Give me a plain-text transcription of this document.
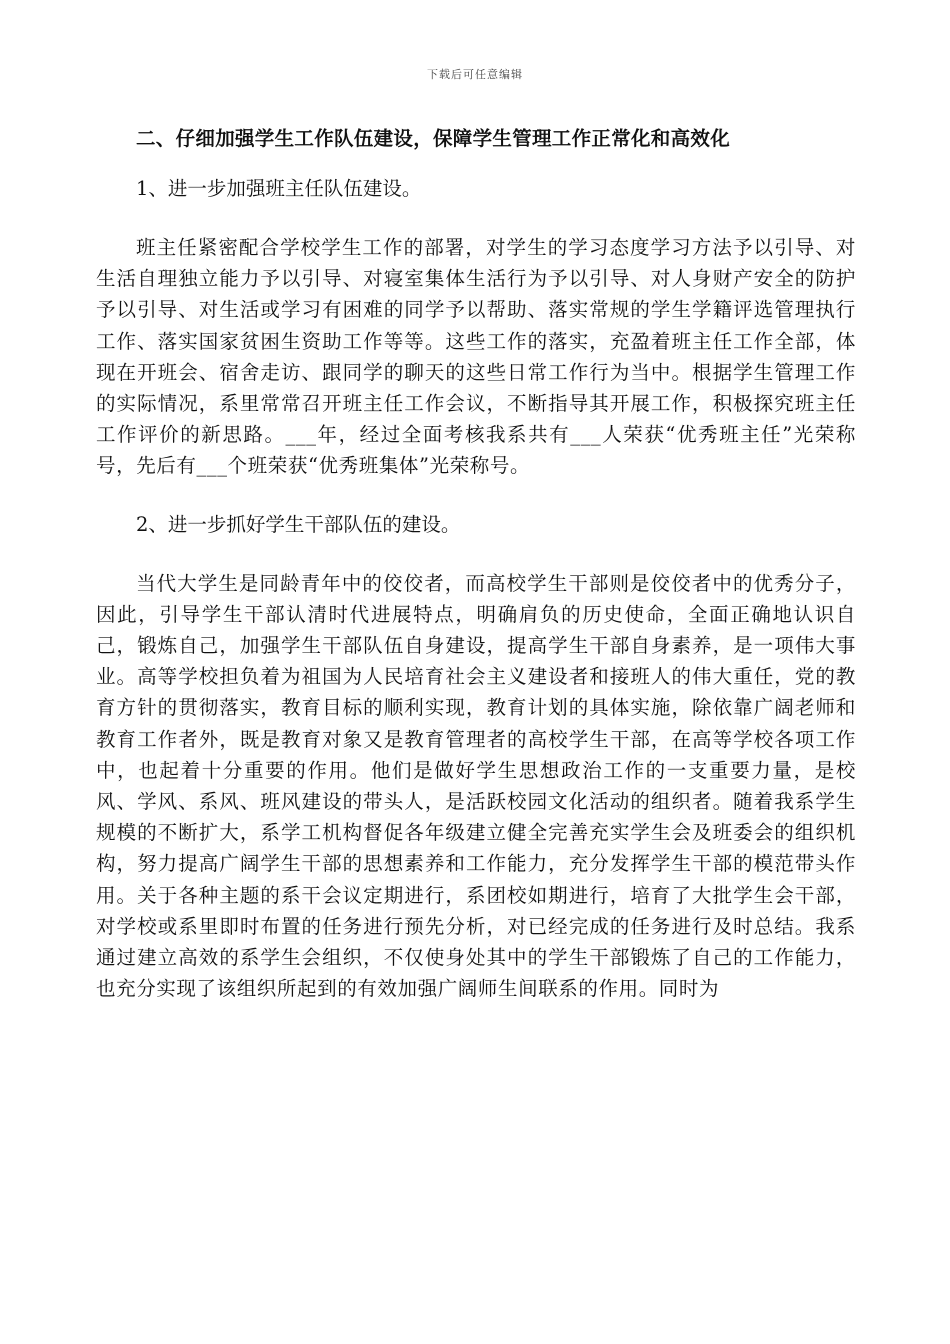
下载后可任意编辑
二、仔细加强学生工作队伍建设，保障学生管理工作正常化和高效化

1、进一步加强班主任队伍建设。

班主任紧密配合学校学生工作的部署，对学生的学习态度学习方法予以引导、对生活自理独立能力予以引导、对寝室集体生活行为予以引导、对人身财产安全的防护予以引导、对生活或学习有困难的同学予以帮助、落实常规的学生学籍评选管理执行工作、落实国家贫困生资助工作等等。这些工作的落实，充盈着班主任工作全部，体现在开班会、宿舍走访、跟同学的聊天的这些日常工作行为当中。根据学生管理工作的实际情况，系里常常召开班主任工作会议，不断指导其开展工作，积极探究班主任工作评价的新思路。___年，经过全面考核我系共有___人荣获“优秀班主任”光荣称号，先后有___个班荣获“优秀班集体”光荣称号。

2、进一步抓好学生干部队伍的建设。

当代大学生是同龄青年中的佼佼者，而高校学生干部则是佼佼者中的优秀分子，因此，引导学生干部认清时代进展特点，明确肩负的历史使命，全面正确地认识自己，锻炼自己，加强学生干部队伍自身建设，提高学生干部自身素养，是一项伟大事业。高等学校担负着为祖国为人民培育社会主义建设者和接班人的伟大重任，党的教育方针的贯彻落实，教育目标的顺利实现，教育计划的具体实施，除依靠广阔老师和教育工作者外，既是教育对象又是教育管理者的高校学生干部，在高等学校各项工作中，也起着十分重要的作用。他们是做好学生思想政治工作的一支重要力量，是校风、学风、系风、班风建设的带头人，是活跃校园文化活动的组织者。随着我系学生规模的不断扩大，系学工机构督促各年级建立健全完善充实学生会及班委会的组织机构，努力提高广阔学生干部的思想素养和工作能力，充分发挥学生干部的模范带头作用。关于各种主题的系干会议定期进行，系团校如期进行，培育了大批学生会干部，对学校或系里即时布置的任务进行预先分析，对已经完成的任务进行及时总结。我系通过建立高效的系学生会组织，不仅使身处其中的学生干部锻炼了自己的工作能力，也充分实现了该组织所起到的有效加强广阔师生间联系的作用。同时为
